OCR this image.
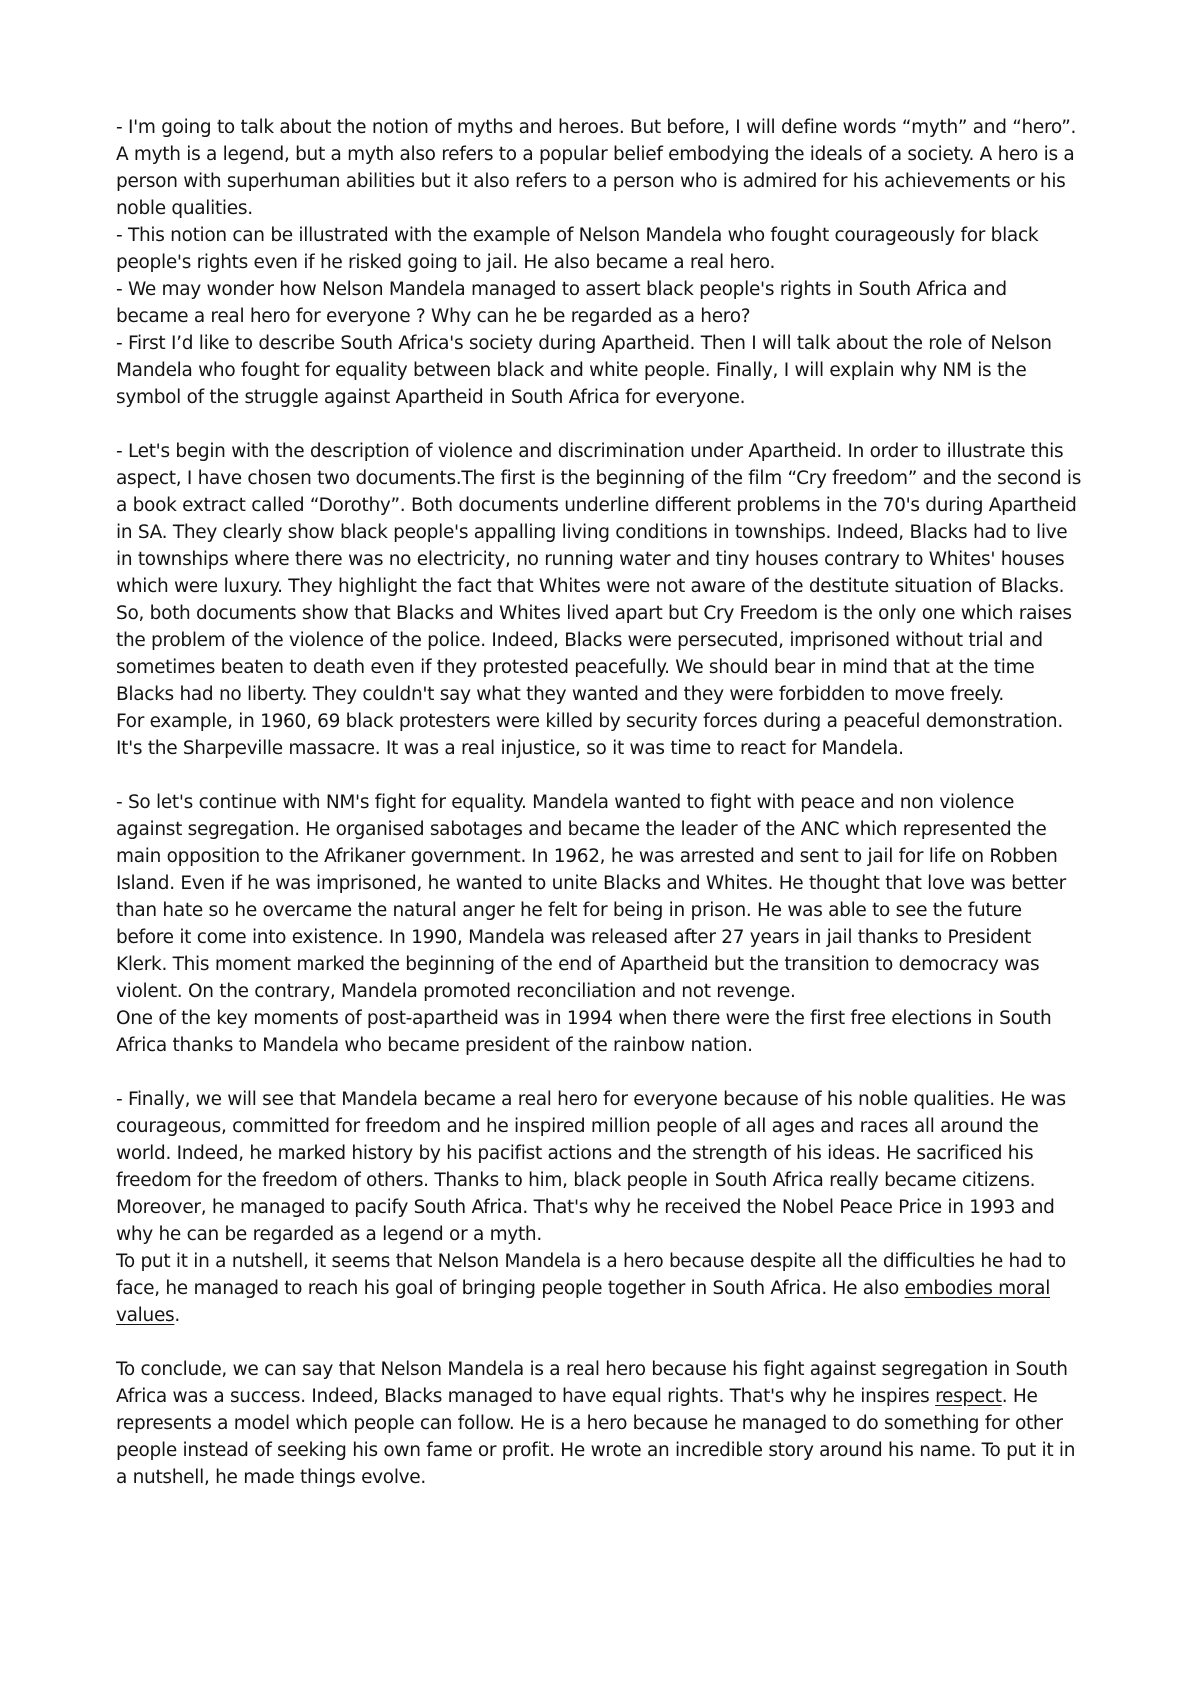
- I'm going to talk about the notion of myths and heroes. But before, I will define words “myth” and “hero”. A myth is a legend, but a myth also refers to a popular belief embodying the ideals of a society. A hero is a person with superhuman abilities but it also refers to a person who is admired for his achievements or his noble qualities.

- This notion can be illustrated with the example of Nelson Mandela who fought courageously for black people's rights even if he risked going to jail. He also became a real hero.

- We may wonder how Nelson Mandela managed to assert black people's rights in South Africa and became a real hero for everyone ? Why can he be regarded as a hero?

- First I’d like to describe South Africa's society during Apartheid. Then I will talk about the role of Nelson Mandela who fought for equality between black and white people. Finally, I will explain why NM is the symbol of the struggle against Apartheid in South Africa for everyone.

- Let's begin with the description of violence and discrimination under Apartheid. In order to illustrate this aspect, I have chosen two documents.The first is the beginning of the film “Cry freedom” and the second is a book extract called “Dorothy”. Both documents underline different problems in the 70's during Apartheid in SA. They clearly show black people's appalling living conditions in townships. Indeed, Blacks had to live in townships where there was no electricity, no running water and tiny houses contrary to Whites' houses which were luxury. They highlight the fact that Whites were not aware of the destitute situation of Blacks. So, both documents show that Blacks and Whites lived apart but Cry Freedom is the only one which raises the problem of the violence of the police. Indeed, Blacks were persecuted, imprisoned without trial and sometimes beaten to death even if they protested peacefully. We should bear in mind that at the time Blacks had no liberty. They couldn't say what they wanted and they were forbidden to move freely.

For example, in 1960, 69 black protesters were killed by security forces during a peaceful demonstration. It's the Sharpeville massacre. It was a real injustice, so it was time to react for Mandela.

- So let's continue with NM's fight for equality. Mandela wanted to fight with peace and non violence against segregation. He organised sabotages and became the leader of the ANC which represented the main opposition to the Afrikaner government. In 1962, he was arrested and sent to jail for life on Robben Island. Even if he was imprisoned, he wanted to unite Blacks and Whites. He thought that love was better than hate so he overcame the natural anger he felt for being in prison. He was able to see the future before it come into existence. In 1990, Mandela was released after 27 years in jail thanks to President Klerk. This moment marked the beginning of the end of Apartheid but the transition to democracy was violent. On the contrary, Mandela promoted reconciliation and not revenge.

One of the key moments of post-apartheid was in 1994 when there were the first free elections in South Africa thanks to Mandela who became president of the rainbow nation.

- Finally, we will see that Mandela became a real hero for everyone because of his noble qualities. He was courageous, committed for freedom and he inspired million people of all ages and races all around the world. Indeed, he marked history by his pacifist actions and the strength of his ideas. He sacrificed his freedom for the freedom of others. Thanks to him, black people in South Africa really became citizens. Moreover, he managed to pacify South Africa. That's why he received the Nobel Peace Price in 1993 and why he can be regarded as a legend or a myth.

To put it in a nutshell, it seems that Nelson Mandela is a hero because despite all the difficulties he had to face, he managed to reach his goal of bringing people together in South Africa. He also embodies moral values.

To conclude, we can say that Nelson Mandela is a real hero because his fight against segregation in South Africa was a success. Indeed, Blacks managed to have equal rights. That's why he inspires respect. He represents a model which people can follow. He is a hero because he managed to do something for other people instead of seeking his own fame or profit. He wrote an incredible story around his name. To put it in a nutshell, he made things evolve.
